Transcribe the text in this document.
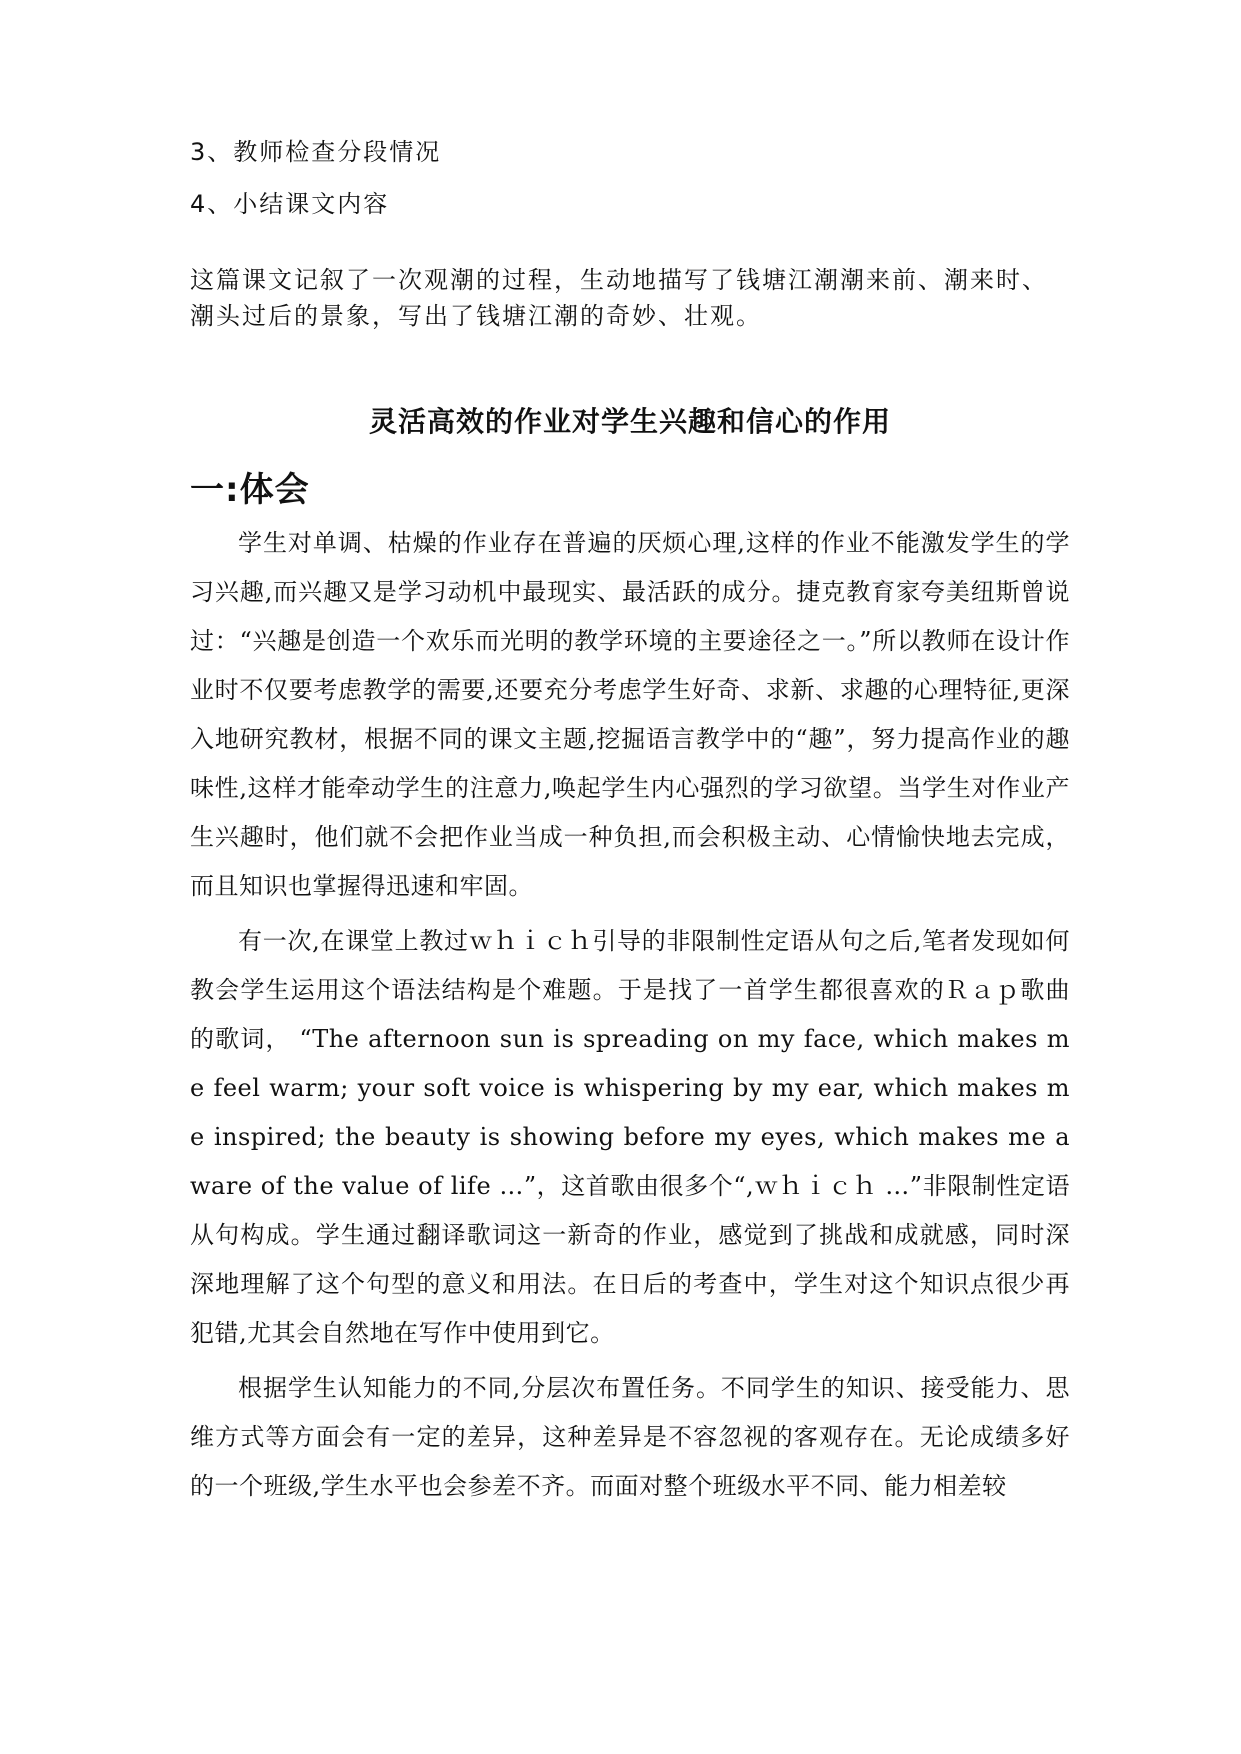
3、教师检查分段情况
4、小结课文内容
这篇课文记叙了一次观潮的过程，生动地描写了钱塘江潮潮来前、潮来时、潮头过后的景象，写出了钱塘江潮的奇妙、壮观。
灵活高效的作业对学生兴趣和信心的作用
一:体会

学生对单调、枯燥的作业存在普遍的厌烦心理,这样的作业不能激发学生的学习兴趣,而兴趣又是学习动机中最现实、最活跃的成分。捷克教育家夸美纽斯曾说过：“兴趣是创造一个欢乐而光明的教学环境的主要途径之一。”所以教师在设计作业时不仅要考虑教学的需要,还要充分考虑学生好奇、求新、求趣的心理特征,更深入地研究教材，根据不同的课文主题,挖掘语言教学中的“趣”，努力提高作业的趣味性,这样才能牵动学生的注意力,唤起学生内心强烈的学习欲望。当学生对作业产生兴趣时，他们就不会把作业当成一种负担,而会积极主动、心情愉快地去完成，而且知识也掌握得迅速和牢固。

有一次,在课堂上教过ｗｈｉｃｈ引导的非限制性定语从句之后,笔者发现如何教会学生运用这个语法结构是个难题。于是找了一首学生都很喜欢的Ｒａｐ歌曲的歌词， “The afternoon sun is spreading on my face, which makes me feel warm; your soft voice is whispering by my ear, which makes me inspired; the beauty is showing before my eyes, which makes me aware of the value of life …”，这首歌由很多个“,ｗｈｉｃｈ …”非限制性定语从句构成。学生通过翻译歌词这一新奇的作业，感觉到了挑战和成就感，同时深深地理解了这个句型的意义和用法。在日后的考查中，学生对这个知识点很少再犯错,尤其会自然地在写作中使用到它。

根据学生认知能力的不同,分层次布置任务。不同学生的知识、接受能力、思维方式等方面会有一定的差异，这种差异是不容忽视的客观存在。无论成绩多好的一个班级,学生水平也会参差不齐。而面对整个班级水平不同、能力相差较
